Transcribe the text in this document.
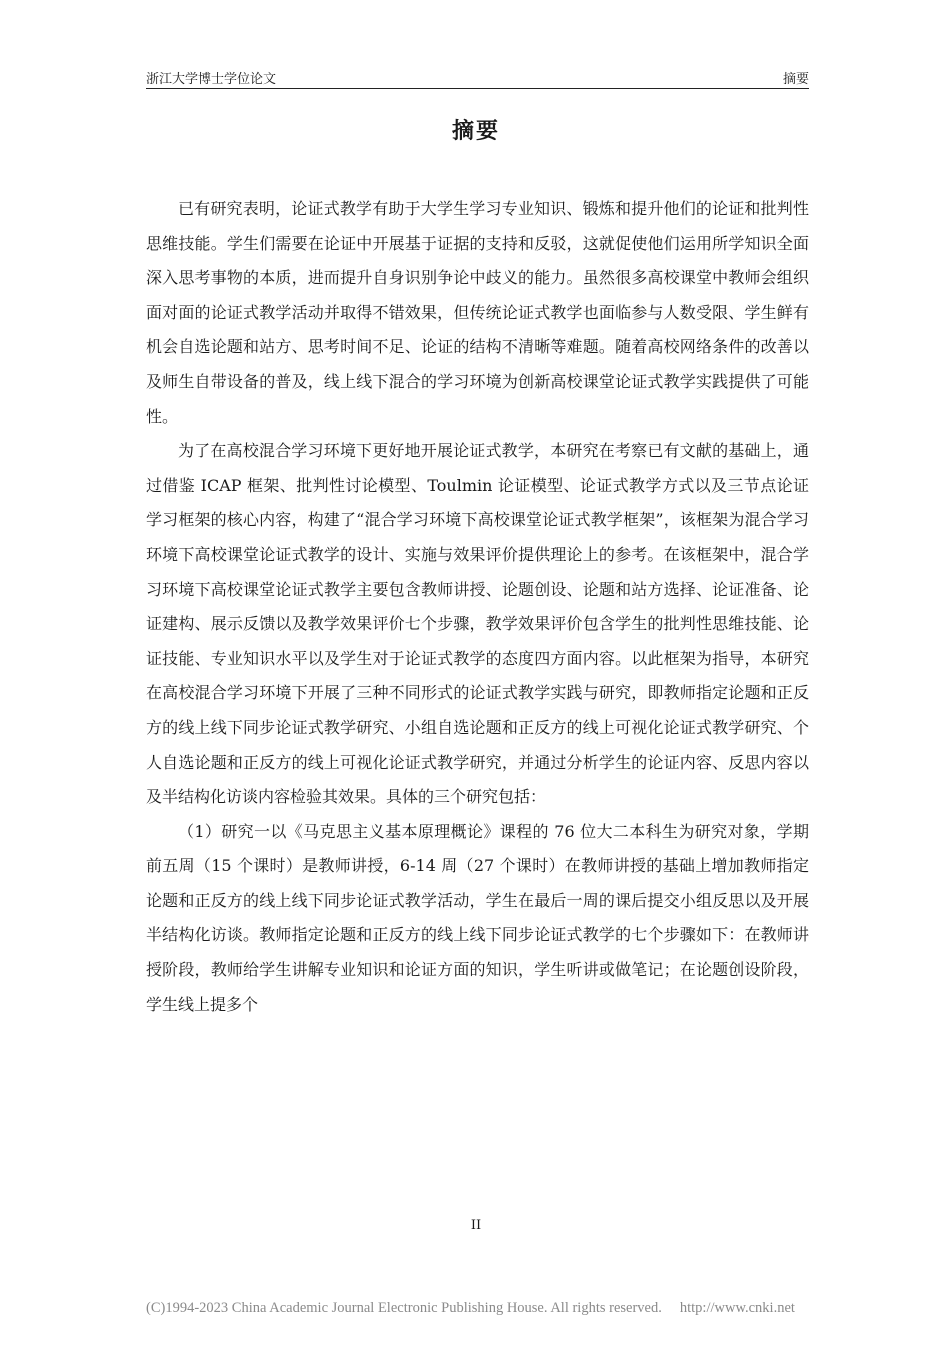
浙江大学博士学位论文	摘要
摘要

已有研究表明，论证式教学有助于大学生学习专业知识、锻炼和提升他们的论证和批判性思维技能。学生们需要在论证中开展基于证据的支持和反驳，这就促使他们运用所学知识全面深入思考事物的本质，进而提升自身识别争论中歧义的能力。虽然很多高校课堂中教师会组织面对面的论证式教学活动并取得不错效果，但传统论证式教学也面临参与人数受限、学生鲜有机会自选论题和站方、思考时间不足、论证的结构不清晰等难题。随着高校网络条件的改善以及师生自带设备的普及，线上线下混合的学习环境为创新高校课堂论证式教学实践提供了可能性。

为了在高校混合学习环境下更好地开展论证式教学，本研究在考察已有文献的基础上，通过借鉴 ICAP 框架、批判性讨论模型、Toulmin 论证模型、论证式教学方式以及三节点论证学习框架的核心内容，构建了“混合学习环境下高校课堂论证式教学框架”，该框架为混合学习环境下高校课堂论证式教学的设计、实施与效果评价提供理论上的参考。在该框架中，混合学习环境下高校课堂论证式教学主要包含教师讲授、论题创设、论题和站方选择、论证准备、论证建构、展示反馈以及教学效果评价七个步骤，教学效果评价包含学生的批判性思维技能、论证技能、专业知识水平以及学生对于论证式教学的态度四方面内容。以此框架为指导，本研究在高校混合学习环境下开展了三种不同形式的论证式教学实践与研究，即教师指定论题和正反方的线上线下同步论证式教学研究、小组自选论题和正反方的线上可视化论证式教学研究、个人自选论题和正反方的线上可视化论证式教学研究，并通过分析学生的论证内容、反思内容以及半结构化访谈内容检验其效果。具体的三个研究包括：

（1）研究一以《马克思主义基本原理概论》课程的 76 位大二本科生为研究对象，学期前五周（15 个课时）是教师讲授，6-14 周（27 个课时）在教师讲授的基础上增加教师指定论题和正反方的线上线下同步论证式教学活动，学生在最后一周的课后提交小组反思以及开展半结构化访谈。教师指定论题和正反方的线上线下同步论证式教学的七个步骤如下：在教师讲授阶段，教师给学生讲解专业知识和论证方面的知识，学生听讲或做笔记；在论题创设阶段，学生线上提多个

II
(C)1994-2023 China Academic Journal Electronic Publishing House. All rights reserved. http://www.cnki.net
